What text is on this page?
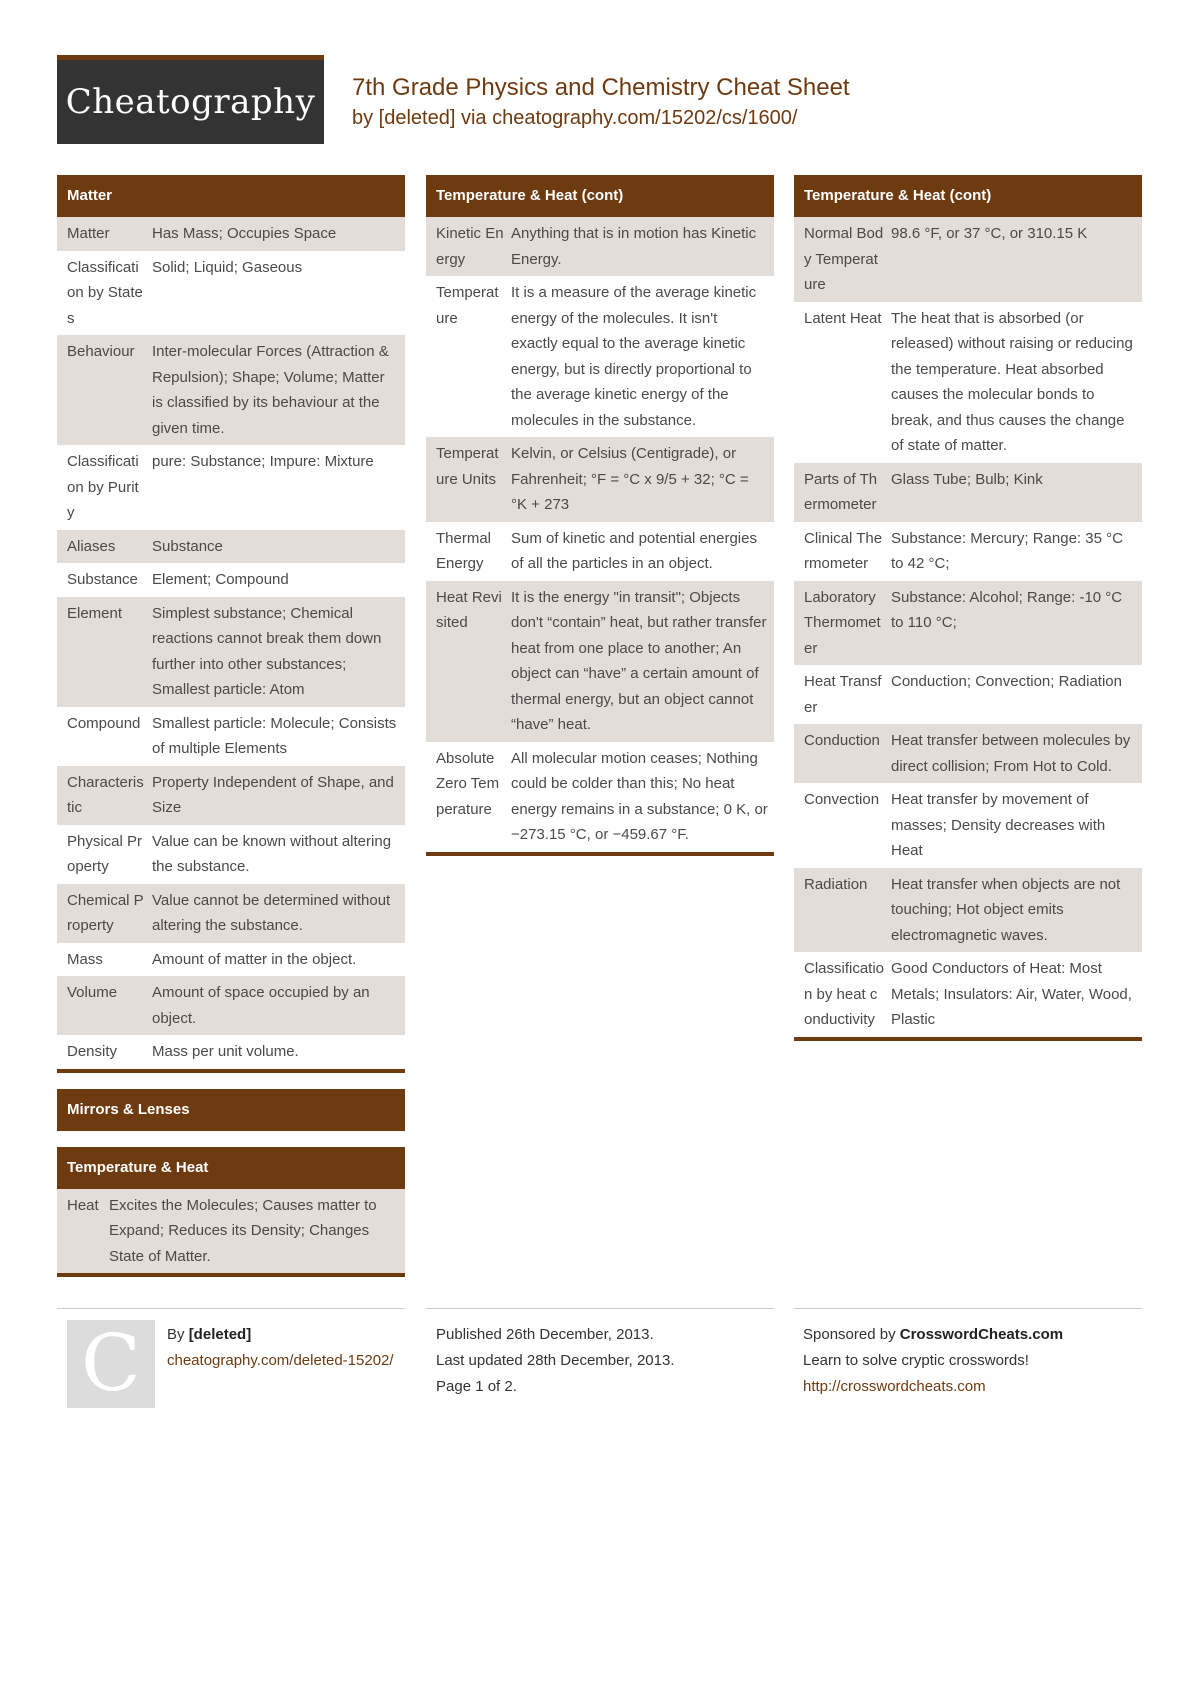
Cheatography	7th Grade Physics and Chemistry Cheat Sheet
by [deleted] via cheatography.com/15202/cs/1600/
Matter
Matter	Has Mass; Occupies Space
Classification by States	Solid; Liquid; Gaseous
Behaviour	Inter-molecular Forces (Attraction & Repulsion); Shape; Volume; Matter is classified by its behaviour at the given time.
Classification by Purity	pure: Substance; Impure: Mixture
Aliases	Substance
Substance	Element; Compound
Element	Simplest substance; Chemical reactions cannot break them down further into other substances; Smallest particle: Atom
Compound	Smallest particle: Molecule; Consists of multiple Elements
Characteristic	Property Independent of Shape, and Size
Physical Property	Value can be known without altering the substance.
Chemical Property	Value cannot be determined without altering the substance.
Mass	Amount of matter in the object.
Volume	Amount of space occupied by an object.
Density	Mass per unit volume.
Mirrors & Lenses
Temperature & Heat
Heat	Excites the Molecules; Causes matter to Expand; Reduces its Density; Changes State of Matter.
Temperature & Heat (cont)
Kinetic Energy	Anything that is in motion has Kinetic Energy.
Temperature	It is a measure of the average kinetic energy of the molecules. It isn't exactly equal to the average kinetic energy, but is directly proportional to the average kinetic energy of the molecules in the substance.
Temperature Units	Kelvin, or Celsius (Centigrade), or Fahrenheit; °F = °C x 9/5 + 32; °C = °K + 273
Thermal Energy	Sum of kinetic and potential energies of all the particles in an object.
Heat Revisited	It is the energy "in transit"; Objects don't “contain” heat, but rather transfer heat from one place to another; An object can “have” a certain amount of thermal energy, but an object cannot “have” heat.
Absolute Zero Temperature	All molecular motion ceases; Nothing could be colder than this; No heat energy remains in a substance; 0 K, or −273.15 °C, or −459.67 °F.
Temperature & Heat (cont)
Normal Body Temperature	98.6 °F, or 37 °C, or 310.15 K
Latent Heat	The heat that is absorbed (or released) without raising or reducing the temperature. Heat absorbed causes the molecular bonds to break, and thus causes the change of state of matter.
Parts of Thermometer	Glass Tube; Bulb; Kink
Clinical Thermometer	Substance: Mercury; Range: 35 °C to 42 °C;
Laboratory Thermometer	Substance: Alcohol; Range: -10 °C to 110 °C;
Heat Transfer	Conduction; Convection; Radiation
Conduction	Heat transfer between molecules by direct collision; From Hot to Cold.
Convection	Heat transfer by movement of masses; Density decreases with Heat
Radiation	Heat transfer when objects are not touching; Hot object emits electromagnetic waves.
Classification by heat conductivity	Good Conductors of Heat: Most Metals; Insulators: Air, Water, Wood, Plastic
C	By [deleted]
cheatography.com/deleted-15202/
Published 26th December, 2013.
Last updated 28th December, 2013.
Page 1 of 2.
Sponsored by CrosswordCheats.com
Learn to solve cryptic crosswords!
http://crosswordcheats.com
